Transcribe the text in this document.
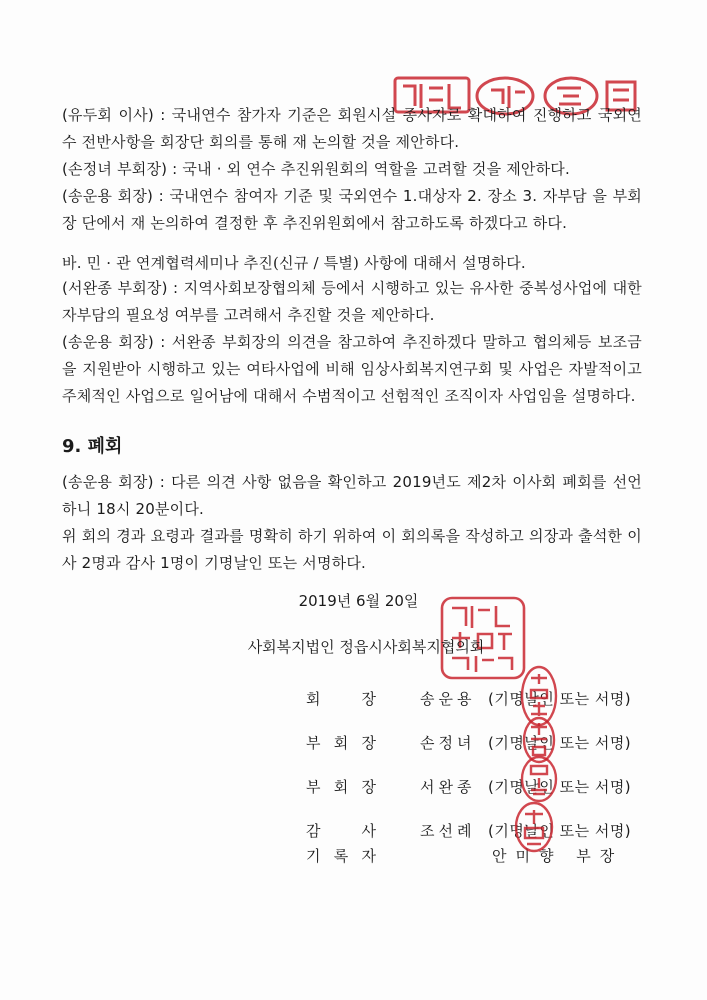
(유두회 이사) : 국내연수 참가자 기준은 회원시설 종사자로 확대하여 진행하고 국외연수 전반사항을 회장단 회의를 통해 재 논의할 것을 제안하다.
(손정녀 부회장) : 국내 · 외 연수 추진위원회의 역할을 고려할 것을 제안하다.
(송운용 회장) : 국내연수 참여자 기준 및 국외연수 1.대상자 2. 장소 3. 자부담 을 부회장 단에서 재 논의하여 결정한 후 추진위원회에서 참고하도록 하겠다고 하다.
바. 민 · 관 연계협력세미나 추진(신규 / 특별) 사항에 대해서 설명하다.
(서완종 부회장) : 지역사회보장협의체 등에서 시행하고 있는 유사한 중복성사업에 대한 자부담의 필요성 여부를 고려해서 추진할 것을 제안하다.
(송운용 회장) : 서완종 부회장의 의견을 참고하여 추진하겠다 말하고 협의체등 보조금을 지원받아 시행하고 있는 여타사업에 비해 임상사회복지연구회 및 사업은 자발적이고 주체적인 사업으로 일어남에 대해서 수범적이고 선험적인 조직이자 사업임을 설명하다.
9. 폐회
(송운용 회장) : 다른 의견 사항 없음을 확인하고 2019년도 제2차 이사회 폐회를 선언하니 18시 20분이다.
위 회의 경과 요령과 결과를 명확히 하기 위하여 이 회의록을 작성하고 의장과 출석한 이사 2명과 감사 1명이 기명날인 또는 서명하다.
2019년 6월 20일
사회복지법인 정읍시사회복지협의회
회	장	송운용 (기명날인 또는 서명)
부 회 장	손정녀 (기명날인 또는 서명)
부 회 장	서완종 (기명날인 또는 서명)
감	사	조선례 (기명날인 또는 서명)
기 록 자	안미향 부장
